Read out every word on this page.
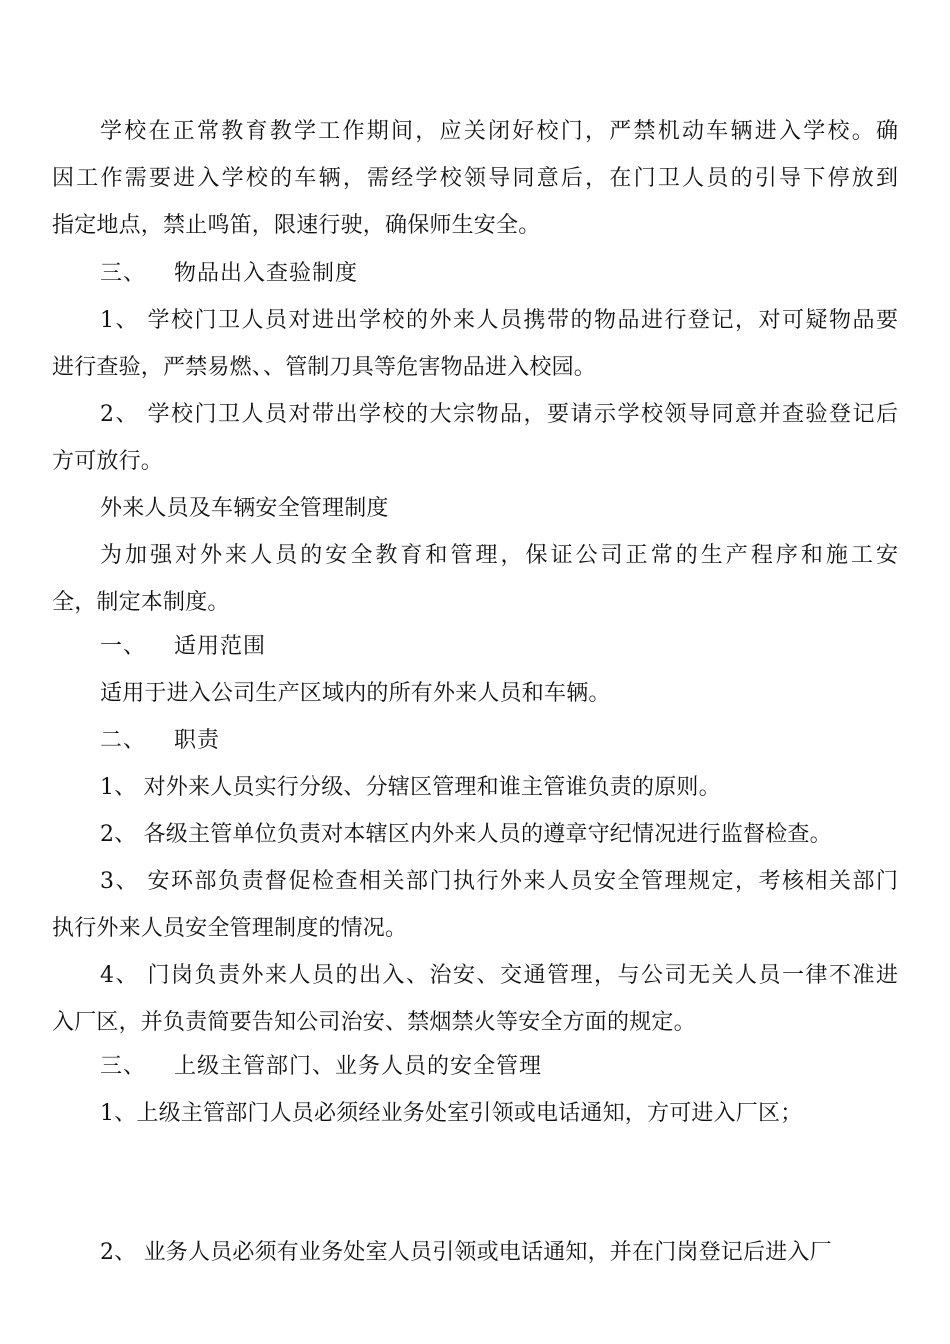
学校在正常教育教学工作期间，应关闭好校门，严禁机动车辆进入学校。确
因工作需要进入学校的车辆，需经学校领导同意后，在门卫人员的引导下停放到
指定地点，禁止鸣笛，限速行驶，确保师生安全。
三、 物品出入查验制度
1、 学校门卫人员对进出学校的外来人员携带的物品进行登记，对可疑物品要
进行查验，严禁易燃、、管制刀具等危害物品进入校园。
2、 学校门卫人员对带出学校的大宗物品，要请示学校领导同意并查验登记后
方可放行。
外来人员及车辆安全管理制度
为加强对外来人员的安全教育和管理，保证公司正常的生产程序和施工安
全，制定本制度。
一、 适用范围
适用于进入公司生产区域内的所有外来人员和车辆。
二、 职责
1、 对外来人员实行分级、分辖区管理和谁主管谁负责的原则。
2、 各级主管单位负责对本辖区内外来人员的遵章守纪情况进行监督检查。
3、 安环部负责督促检查相关部门执行外来人员安全管理规定，考核相关部门
执行外来人员安全管理制度的情况。
4、 门岗负责外来人员的出入、治安、交通管理，与公司无关人员一律不准进
入厂区，并负责简要告知公司治安、禁烟禁火等安全方面的规定。
三、 上级主管部门、业务人员的安全管理
1、上级主管部门人员必须经业务处室引领或电话通知，方可进入厂区；
2、 业务人员必须有业务处室人员引领或电话通知，并在门岗登记后进入厂
